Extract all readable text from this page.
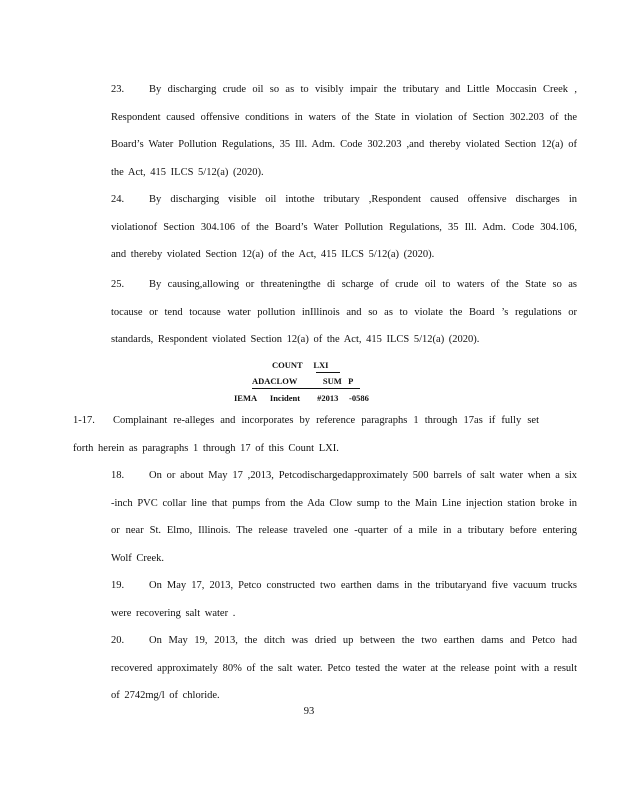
23. By discharging crude oil so as to visibly impair the tributary and Little Moccasin Creek , Respondent caused offensive conditions in waters of the State in violation of Section 302.203 of the Board’s Water Pollution Regulations, 35 Ill. Adm. Code 302.203 ,and thereby violated Section 12(a) of the Act, 415 ILCS 5/12(a) (2020).

24. By discharging visible oil intothe tributary ,Respondent caused offensive discharges in violationof Section 304.106 of the Board’s Water Pollution Regulations, 35 Ill. Adm. Code 304.106, and thereby violated Section 12(a) of the Act, 415 ILCS 5/12(a) (2020).

25. By causing,allowing or threateningthe di scharge of crude oil to waters of the State so as tocause or tend tocause water pollution inIllinois and so as to violate the Board ’s regulations or standards, Respondent violated Section 12(a) of the Act, 415 ILCS 5/12(a) (2020).

COUNT LXI
ADACLOW	SUM P
IEMA Incident #2013 -0586

1-17. Complainant re-alleges and incorporates by reference paragraphs 1 through 17as if fully set forth herein as paragraphs 1 through 17 of this Count LXI.

18. On or about May 17 ,2013, Petcodischargedapproximately 500 barrels of salt water when a six -inch PVC collar line that pumps from the Ada Clow sump to the Main Line injection station broke in or near St. Elmo, Illinois. The release traveled one -quarter of a mile in a tributary before entering Wolf Creek.

19. On May 17, 2013, Petco constructed two earthen dams in the tributaryand five vacuum trucks were recovering salt water .

20. On May 19, 2013, the ditch was dried up between the two earthen dams and Petco had recovered approximately 80% of the salt water. Petco tested the water at the release point with a result of 2742mg/l of chloride.

93
